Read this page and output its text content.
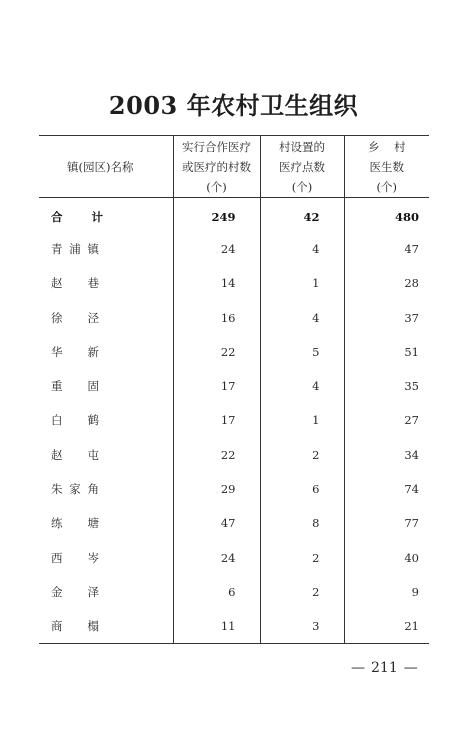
2003 年农村卫生组织
镇(园区)名称	实行合作医疗
或医疗的村数
(个)	村设置的
医疗点数
(个)	乡    村
医生数
(个)

合计	249	42	480
青浦镇	24	4	47
赵巷	14	1	28
徐泾	16	4	37
华新	22	5	51
重固	17	4	35
白鹤	17	1	27
赵屯	22	2	34
朱家角	29	6	74
练塘	47	8	77
西岑	24	2	40
金泽	6	2	9
商榻	11	3	21
— 211 —
